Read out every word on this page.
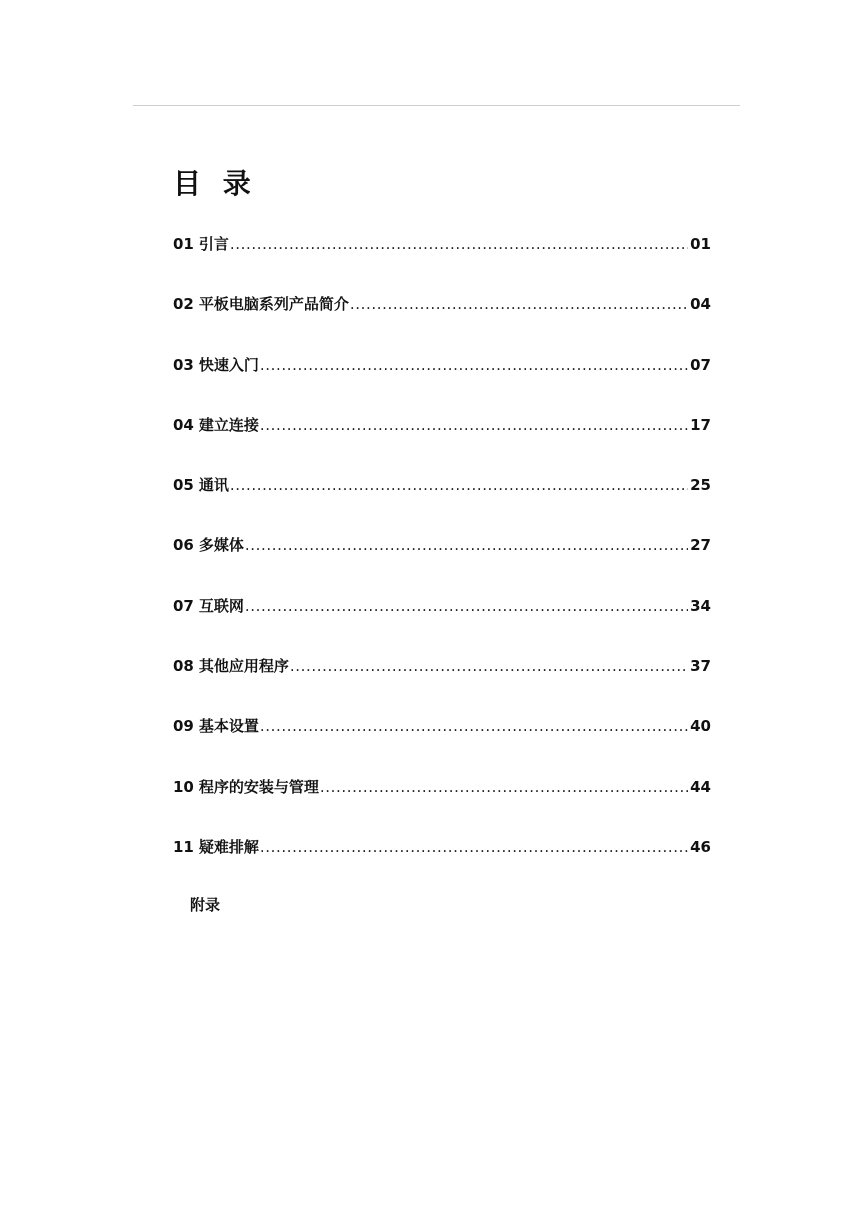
目 录
01 引言 .....	01
02 平板电脑系列产品简介 .....	04
03 快速入门 .....	07
04 建立连接 .....	17
05 通讯 .....	25
06 多媒体 .....	27
07 互联网 .....	34
08 其他应用程序 .....	37
09 基本设置 .....	40
10 程序的安装与管理 .....	44
11 疑难排解 .....	46
附录
